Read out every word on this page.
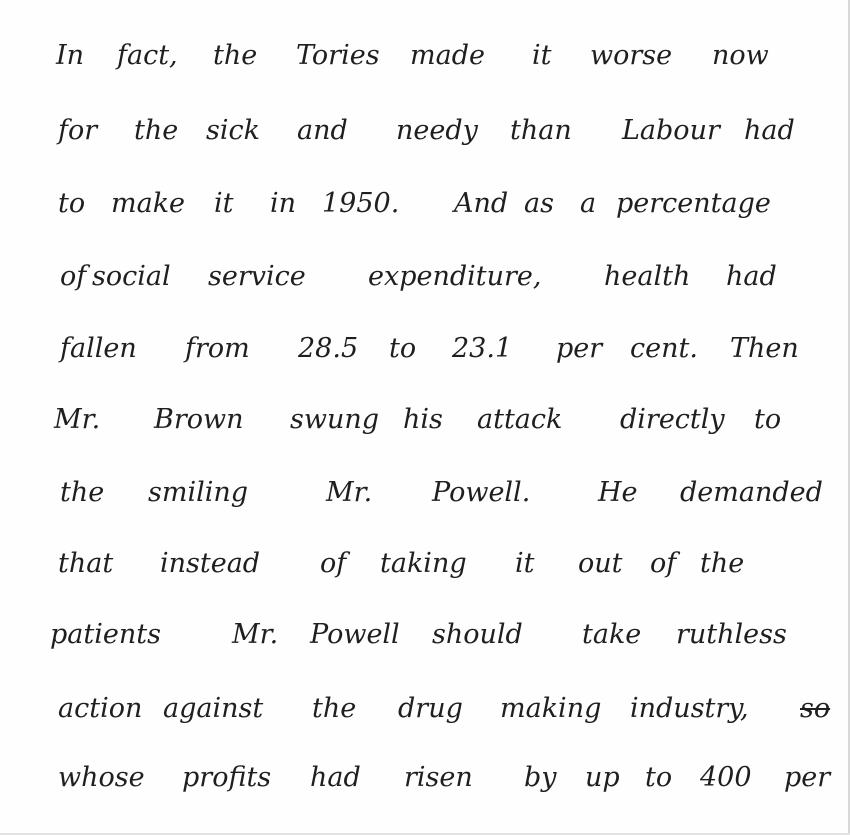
In fact, the Tories made it worse now
for the sick and needy than Labour had
to make it in 1950. And as a percentage
of social service expenditure, health had
fallen from 28.5 to 23.1 per cent. Then
Mr. Brown swung his attack directly to
the smiling	Mr. Powell.	He demanded
that instead of taking it out of the
patients	Mr. Powell should take ruthless
action against the drug making industry, so
whose profits had risen by up to 400 per
